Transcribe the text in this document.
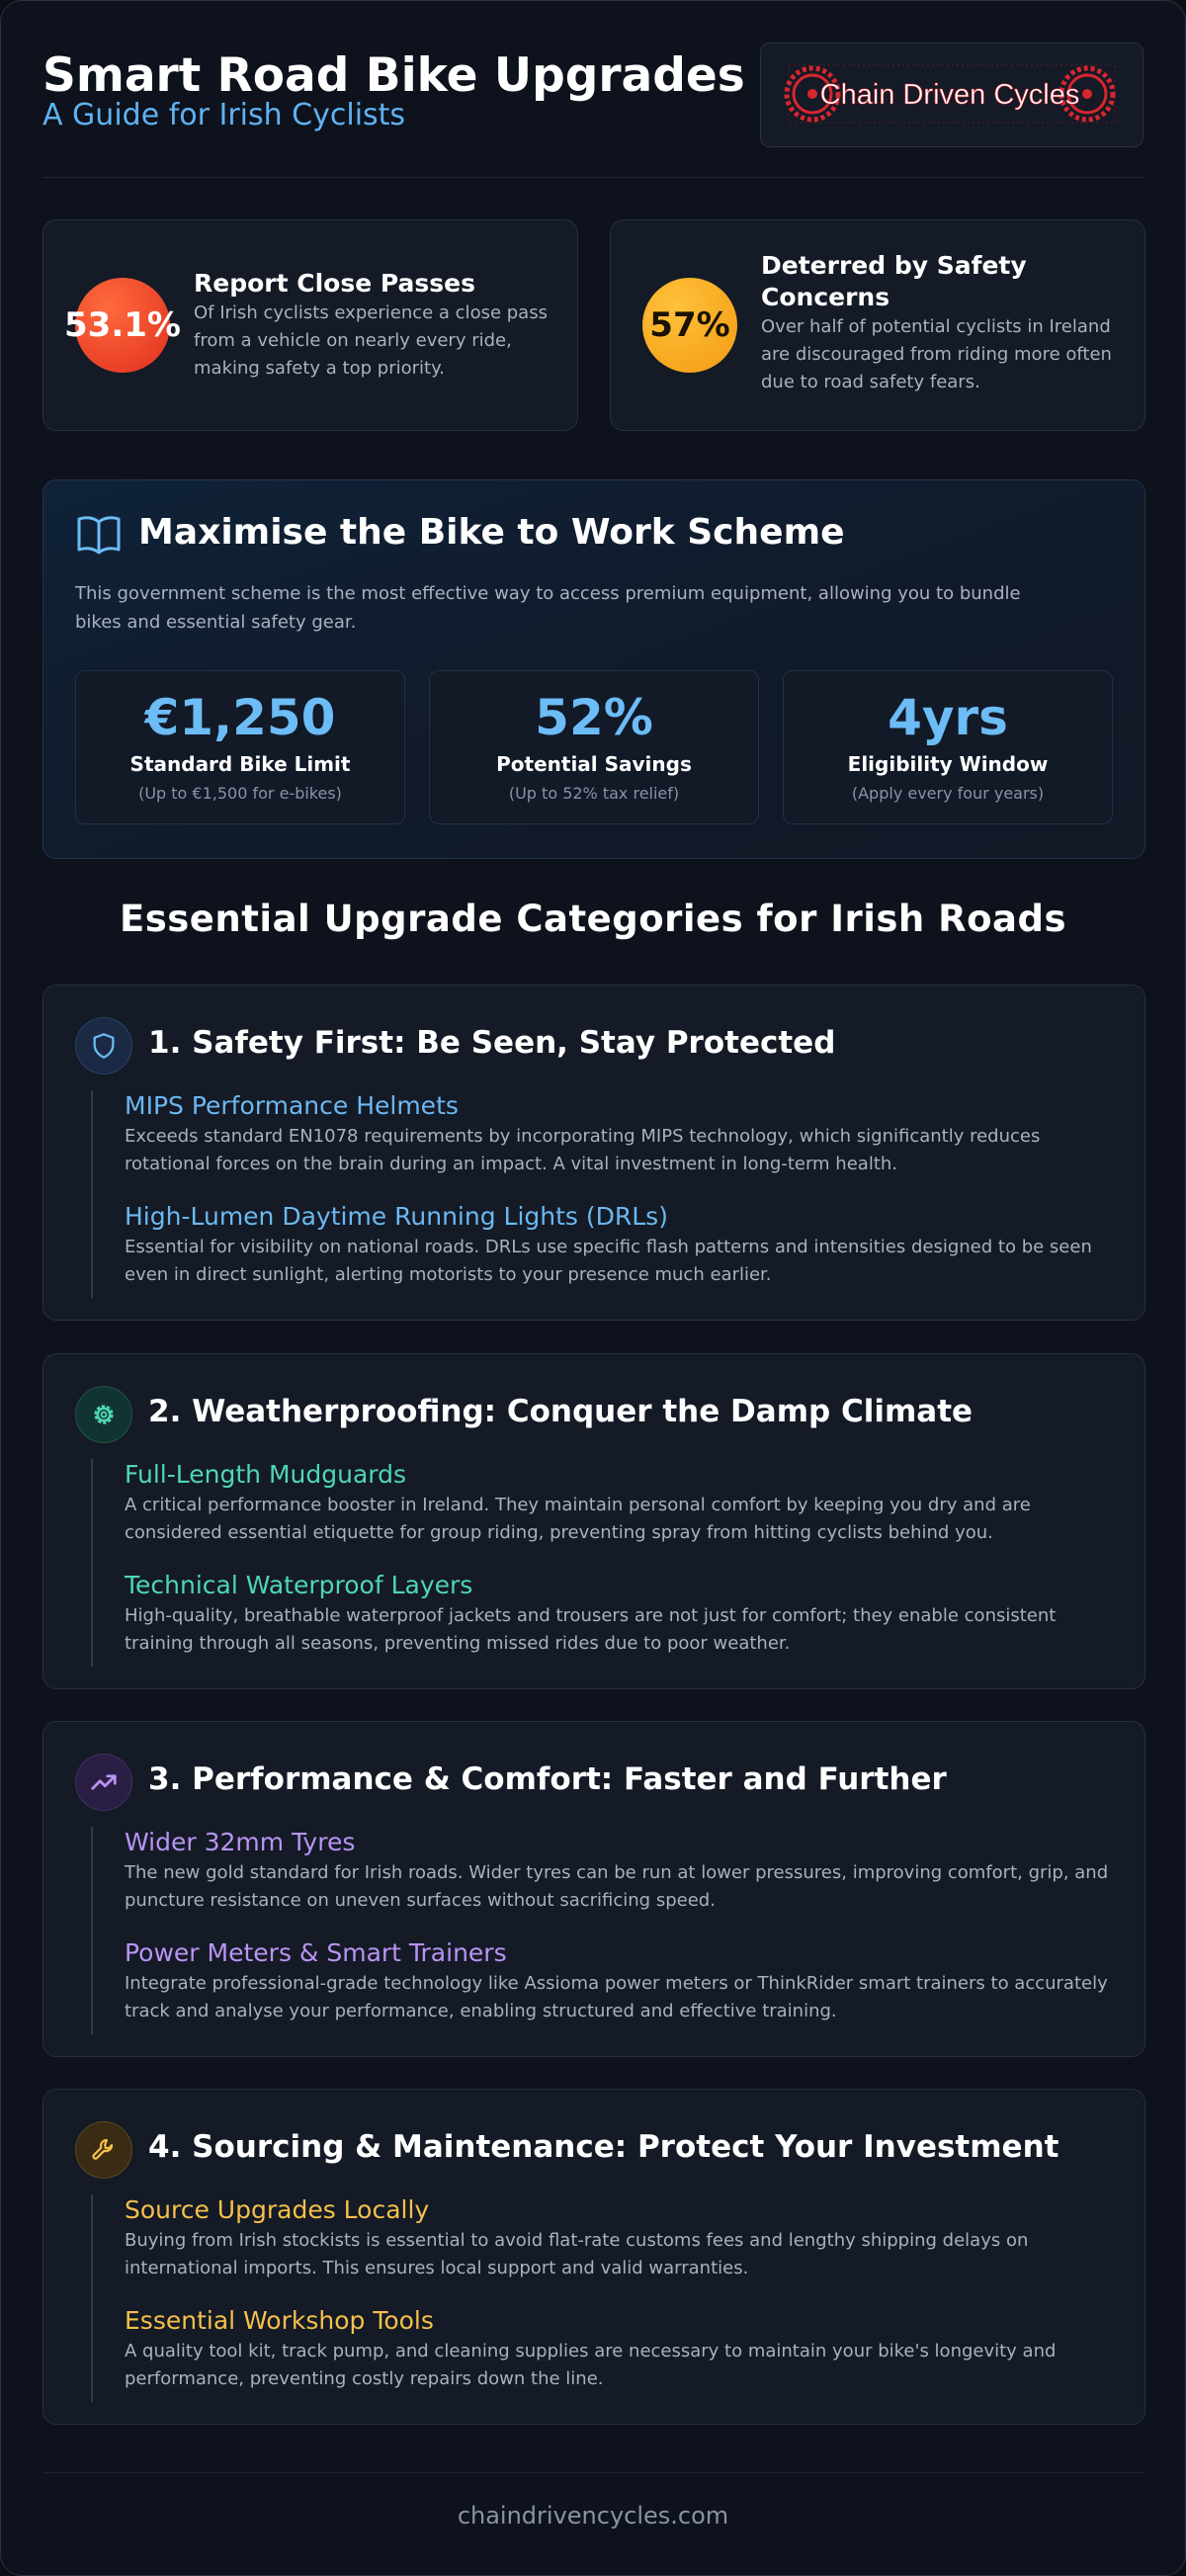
Smart Road Bike Upgrades
A Guide for Irish Cyclists
Chain Driven Cycles
53.1%
Report Close Passes
Of Irish cyclists experience a close pass from a vehicle on nearly every ride, making safety a top priority.
57%
Deterred by Safety Concerns
Over half of potential cyclists in Ireland are discouraged from riding more often due to road safety fears.
Maximise the Bike to Work Scheme
This government scheme is the most effective way to access premium equipment, allowing you to bundle bikes and essential safety gear.
€1,250
Standard Bike Limit
(Up to €1,500 for e-bikes)
52%
Potential Savings
(Up to 52% tax relief)
4yrs
Eligibility Window
(Apply every four years)
Essential Upgrade Categories for Irish Roads
1. Safety First: Be Seen, Stay Protected
MIPS Performance Helmets
Exceeds standard EN1078 requirements by incorporating MIPS technology, which significantly reduces rotational forces on the brain during an impact. A vital investment in long-term health.
High-Lumen Daytime Running Lights (DRLs)
Essential for visibility on national roads. DRLs use specific flash patterns and intensities designed to be seen even in direct sunlight, alerting motorists to your presence much earlier.
2. Weatherproofing: Conquer the Damp Climate
Full-Length Mudguards
A critical performance booster in Ireland. They maintain personal comfort by keeping you dry and are considered essential etiquette for group riding, preventing spray from hitting cyclists behind you.
Technical Waterproof Layers
High-quality, breathable waterproof jackets and trousers are not just for comfort; they enable consistent training through all seasons, preventing missed rides due to poor weather.
3. Performance & Comfort: Faster and Further
Wider 32mm Tyres
The new gold standard for Irish roads. Wider tyres can be run at lower pressures, improving comfort, grip, and puncture resistance on uneven surfaces without sacrificing speed.
Power Meters & Smart Trainers
Integrate professional-grade technology like Assioma power meters or ThinkRider smart trainers to accurately track and analyse your performance, enabling structured and effective training.
4. Sourcing & Maintenance: Protect Your Investment
Source Upgrades Locally
Buying from Irish stockists is essential to avoid flat-rate customs fees and lengthy shipping delays on international imports. This ensures local support and valid warranties.
Essential Workshop Tools
A quality tool kit, track pump, and cleaning supplies are necessary to maintain your bike's longevity and performance, preventing costly repairs down the line.
chaindrivencycles.com
